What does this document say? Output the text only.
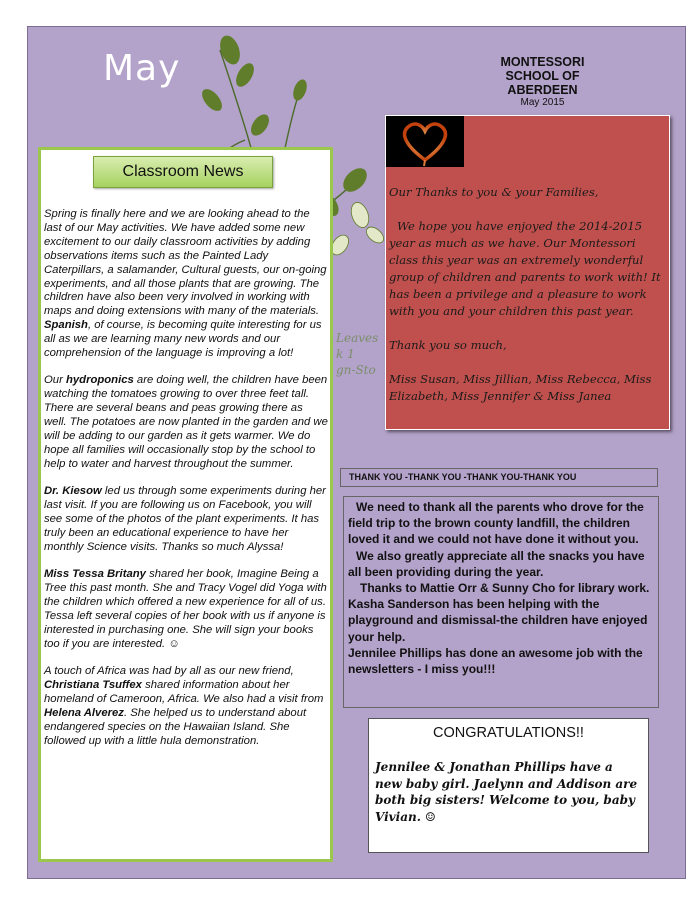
May	MONTESSORI
SCHOOL OF
ABERDEEN
May 2015
Leaves
k 1
gn-Sto
Classroom News

Spring is finally here and we are looking ahead to the last of our May activities. We have added some new excitement to our daily classroom activities by adding observations items such as the Painted Lady Caterpillars, a salamander, Cultural guests, our on-going experiments, and all those plants that are growing. The children have also been very involved in working with maps and doing extensions with many of the materials. Spanish, of course, is becoming quite interesting for us all as we are learning many new words and our comprehension of the language is improving a lot!

Our hydroponics are doing well, the children have been watching the tomatoes growing to over three feet tall. There are several beans and peas growing there as well. The potatoes are now planted in the garden and we will be adding to our garden as it gets warmer. We do hope all families will occasionally stop by the school to help to water and harvest throughout the summer.

Dr. Kiesow led us through some experiments during her last visit. If you are following us on Facebook, you will see some of the photos of the plant experiments. It has truly been an educational experience to have her monthly Science visits. Thanks so much Alyssa!

Miss Tessa Britany shared her book, Imagine Being a Tree this past month. She and Tracy Vogel did Yoga with the children which offered a new experience for all of us. Tessa left several copies of her book with us if anyone is interested in purchasing one. She will sign your books too if you are interested. ☺

A touch of Africa was had by all as our new friend, Christiana Tsuffex shared information about her homeland of Cameroon, Africa. We also had a visit from Helena Alverez. She helped us to understand about endangered species on the Hawaiian Island. She followed up with a little hula demonstration.

Our Thanks to you & your Families,

We hope you have enjoyed the 2014-2015 year as much as we have. Our Montessori class this year was an extremely wonderful group of children and parents to work with! It has been a privilege and a pleasure to work with you and your children this past year.

Thank you so much,

Miss Susan, Miss Jillian, Miss Rebecca, Miss Elizabeth, Miss Jennifer & Miss Janea

THANK YOU -THANK YOU -THANK YOU-THANK YOU

We need to thank all the parents who drove for the field trip to the brown county landfill, the children loved it and we could not have done it without you.

We also greatly appreciate all the snacks you have all been providing during the year.

Thanks to Mattie Orr & Sunny Cho for library work.

Kasha Sanderson has been helping with the playground and dismissal-the children have enjoyed your help.

Jennilee Phillips has done an awesome job with the newsletters - I miss you!!!

CONGRATULATIONS!!
Jennilee & Jonathan Phillips have a new baby girl. Jaelynn and Addison are both big sisters! Welcome to you, baby Vivian. ☺
